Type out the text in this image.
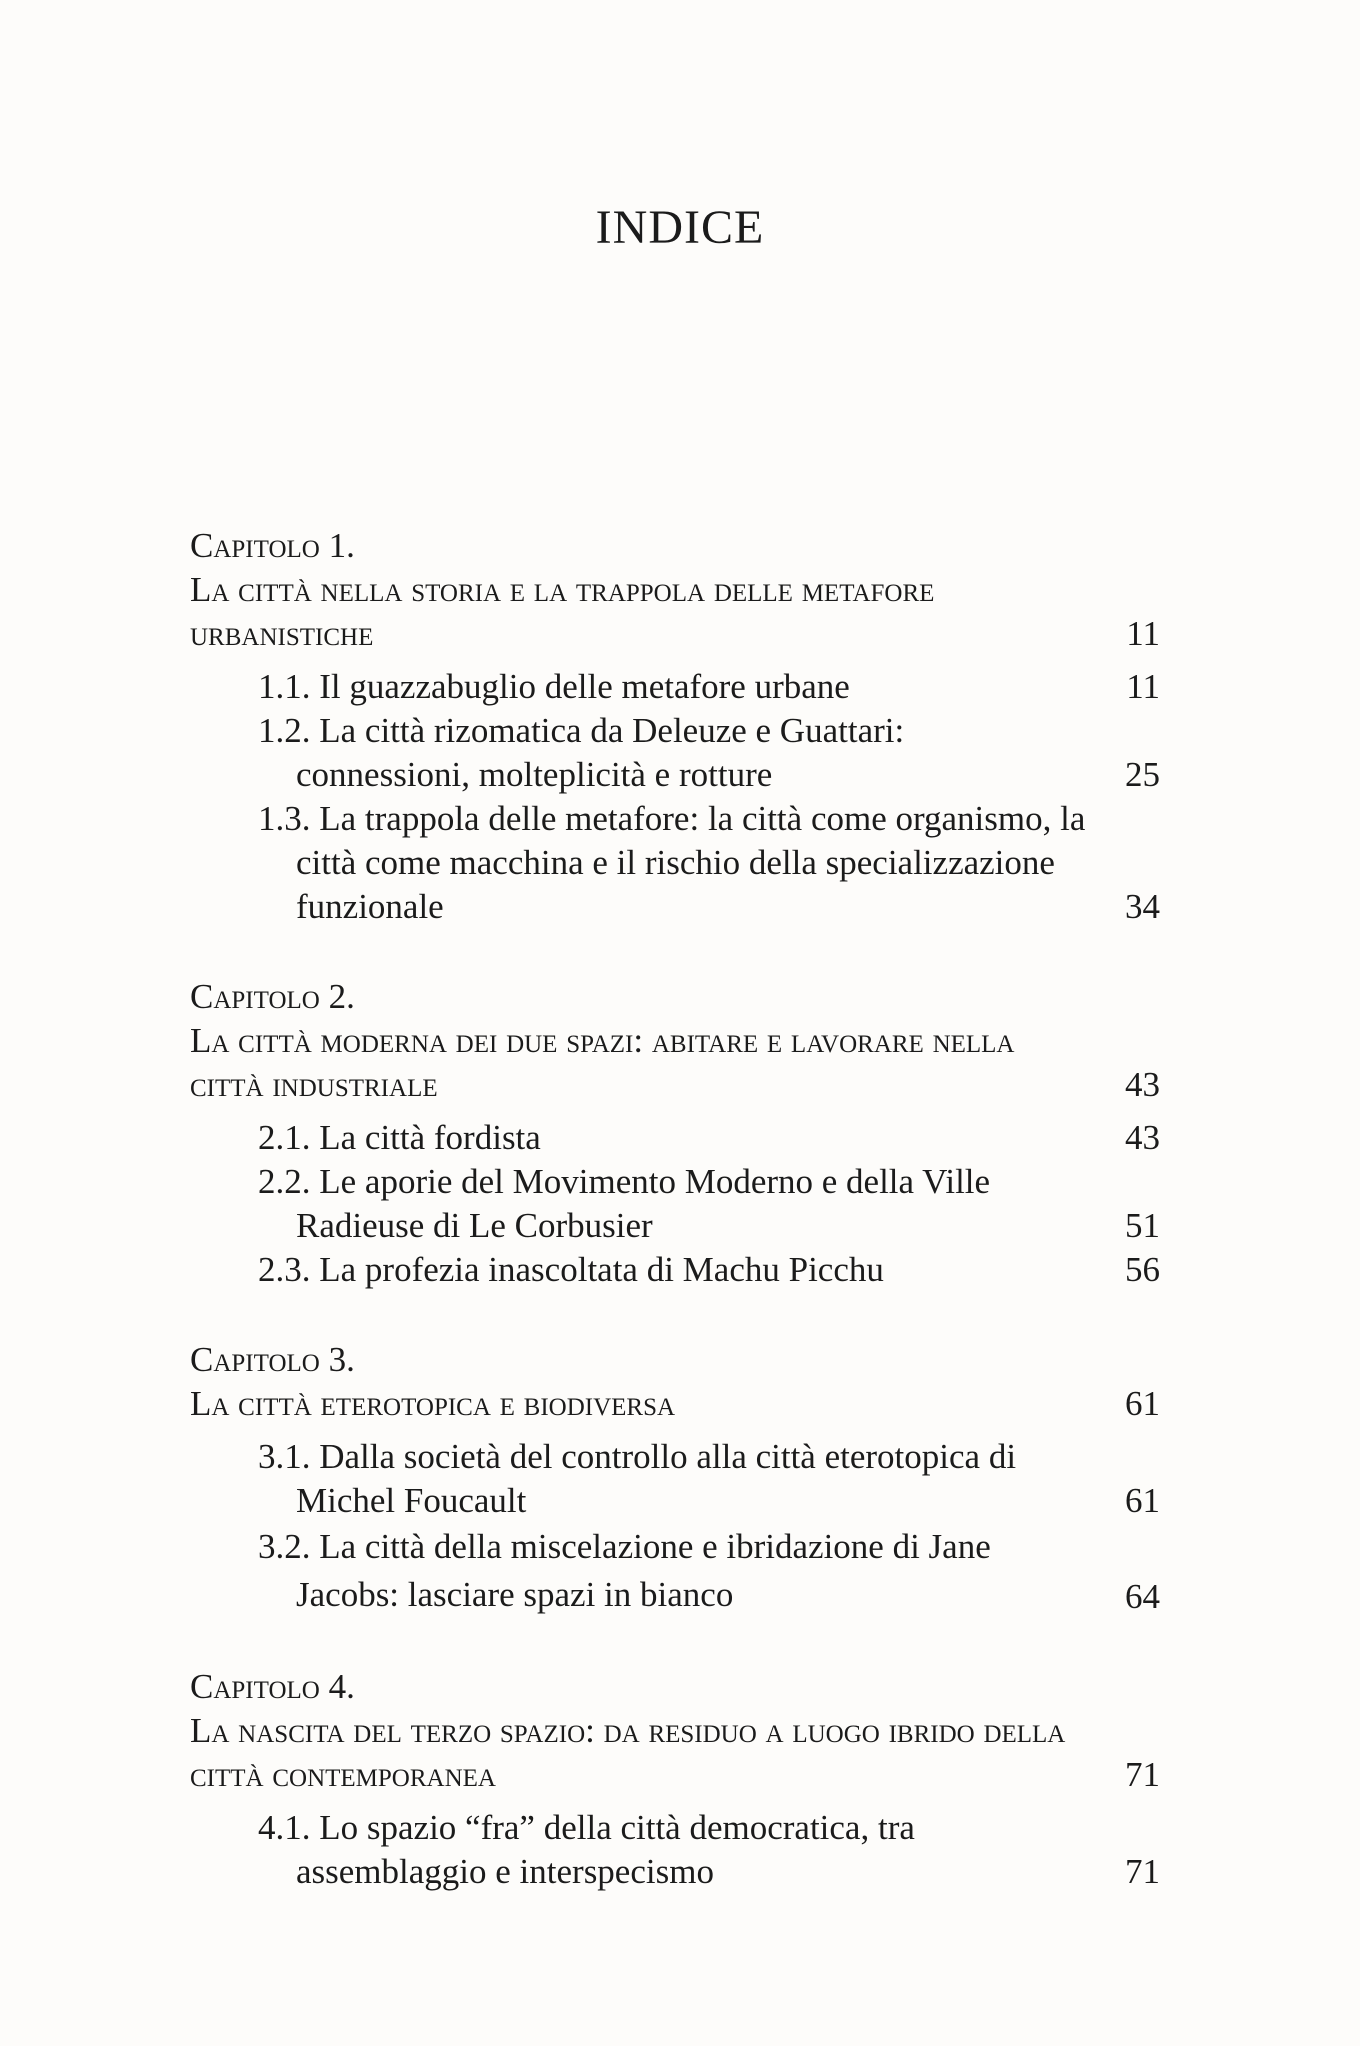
INDICE
Capitolo 1.
La città nella storia e la trappola delle metafore urbanistiche	11
1.1. Il guazzabuglio delle metafore urbane	11
1.2. La città rizomatica da Deleuze e Guattari: connessioni, molteplicità e rotture	25
1.3. La trappola delle metafore: la città come organismo, la città come macchina e il rischio della specializzazione funzionale	34
Capitolo 2.
La città moderna dei due spazi: abitare e lavorare nella città industriale	43
2.1. La città fordista	43
2.2. Le aporie del Movimento Moderno e della Ville Radieuse di Le Corbusier	51
2.3. La profezia inascoltata di Machu Picchu	56
Capitolo 3.
La città eterotopica e biodiversa	61
3.1. Dalla società del controllo alla città eterotopica di Michel Foucault	61
3.2. La città della miscelazione e ibridazione di Jane Jacobs: lasciare spazi in bianco	64
Capitolo 4.
La nascita del terzo spazio: da residuo a luogo ibrido della città contemporanea	71
4.1. Lo spazio “fra” della città democratica, tra assemblaggio e interspecismo	71
